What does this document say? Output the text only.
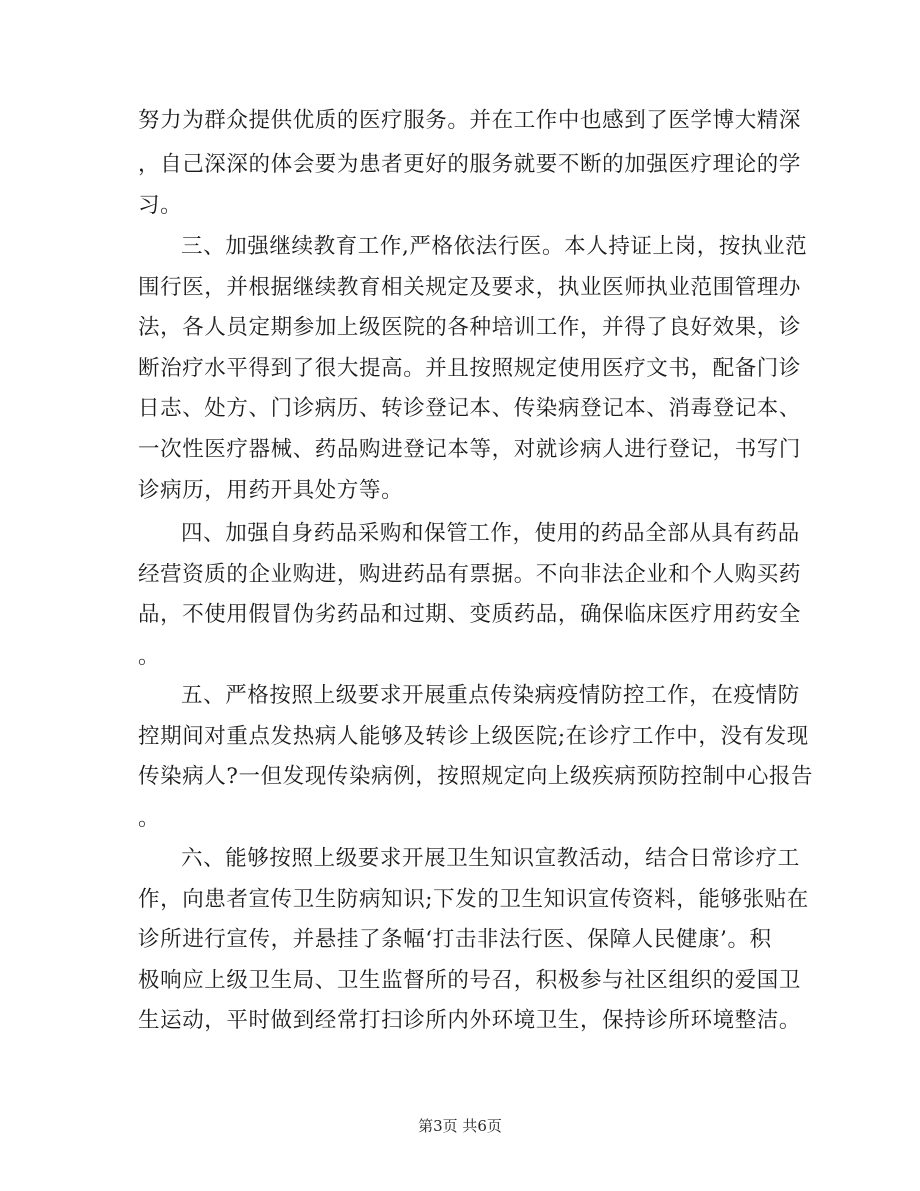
努力为群众提供优质的医疗服务。并在工作中也感到了医学博大精深
，自己深深的体会要为患者更好的服务就要不断的加强医疗理论的学
习。
三、加强继续教育工作,严格依法行医。本人持证上岗，按执业范
围行医，并根据继续教育相关规定及要求，执业医师执业范围管理办
法，各人员定期参加上级医院的各种培训工作，并得了良好效果，诊
断治疗水平得到了很大提高。并且按照规定使用医疗文书，配备门诊
日志、处方、门诊病历、转诊登记本、传染病登记本、消毒登记本、
一次性医疗器械、药品购进登记本等，对就诊病人进行登记，书写门
诊病历，用药开具处方等。
四、加强自身药品采购和保管工作，使用的药品全部从具有药品
经营资质的企业购进，购进药品有票据。不向非法企业和个人购买药
品，不使用假冒伪劣药品和过期、变质药品，确保临床医疗用药安全
。
五、严格按照上级要求开展重点传染病疫情防控工作，在疫情防
控期间对重点发热病人能够及转诊上级医院;在诊疗工作中，没有发现
传染病人?一但发现传染病例，按照规定向上级疾病预防控制中心报告
。
六、能够按照上级要求开展卫生知识宣教活动，结合日常诊疗工
作，向患者宣传卫生防病知识;下发的卫生知识宣传资料，能够张贴在
诊所进行宣传，并悬挂了条幅‘打击非法行医、保障人民健康’。积
极响应上级卫生局、卫生监督所的号召，积极参与社区组织的爱国卫
生运动，平时做到经常打扫诊所内外环境卫生，保持诊所环境整洁。
第3页 共6页
